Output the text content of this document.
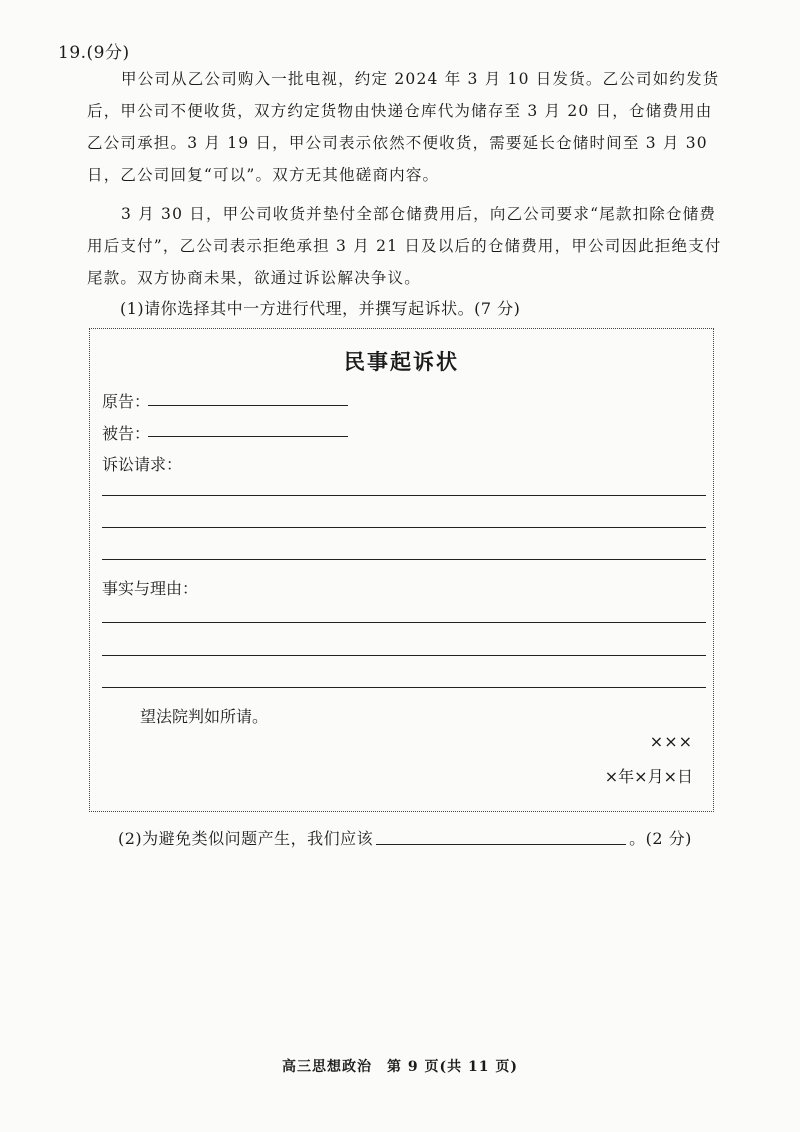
19.(9分)

甲公司从乙公司购入一批电视，约定 2024 年 3 月 10 日发货。乙公司如约发货后，甲公司不便收货，双方约定货物由快递仓库代为储存至 3 月 20 日，仓储费用由乙公司承担。3 月 19 日，甲公司表示依然不便收货，需要延长仓储时间至 3 月 30 日，乙公司回复“可以”。双方无其他磋商内容。

3 月 30 日，甲公司收货并垫付全部仓储费用后，向乙公司要求“尾款扣除仓储费用后支付”，乙公司表示拒绝承担 3 月 21 日及以后的仓储费用，甲公司因此拒绝支付尾款。双方协商未果，欲通过诉讼解决争议。

(1)请你选择其中一方进行代理，并撰写起诉状。(7 分)
民事起诉状
原告：
被告：
诉讼请求：
事实与理由：
望法院判如所请。
×××
×年×月×日
(2)为避免类似问题产生，我们应该	。(2 分)
高三思想政治　第 9 页(共 11 页)
